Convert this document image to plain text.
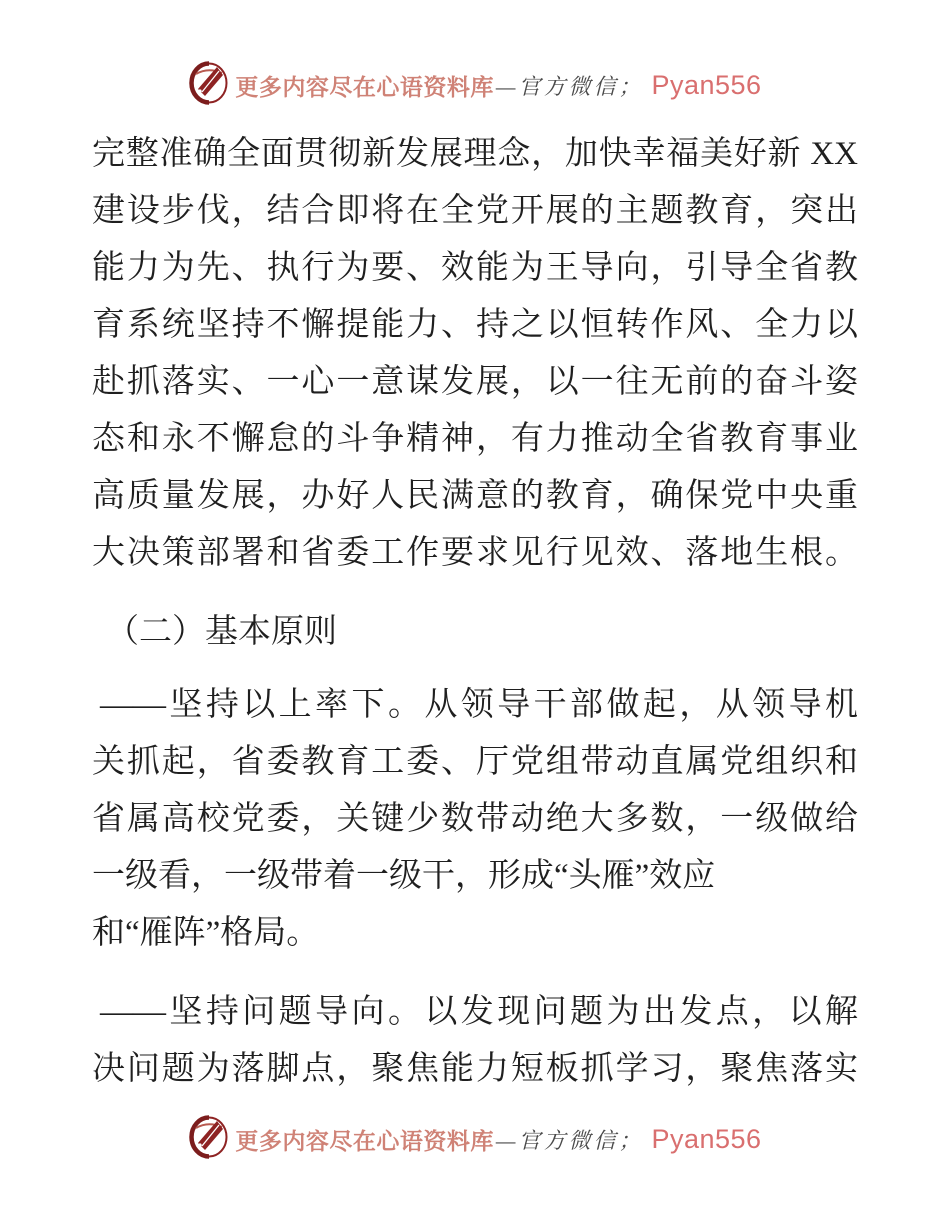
更多内容尽在心语资料库 —官方微信； Pyan556
完整准确全面贯彻新发展理念，加快幸福美好新 XX
建设步伐，结合即将在全党开展的主题教育，突出
能力为先、执行为要、效能为王导向，引导全省教
育系统坚持不懈提能力、持之以恒转作风、全力以
赴抓落实、一心一意谋发展，以一往无前的奋斗姿
态和永不懈怠的斗争精神，有力推动全省教育事业
高质量发展，办好人民满意的教育，确保党中央重
大决策部署和省委工作要求见行见效、落地生根。
（二）基本原则
——坚持以上率下。从领导干部做起，从领导机
关抓起，省委教育工委、厅党组带动直属党组织和
省属高校党委，关键少数带动绝大多数，一级做给
一级看，一级带着一级干，形成“头雁”效应
和“雁阵”格局。
——坚持问题导向。以发现问题为出发点，以解
决问题为落脚点，聚焦能力短板抓学习，聚焦落实
更多内容尽在心语资料库 —官方微信； Pyan556
